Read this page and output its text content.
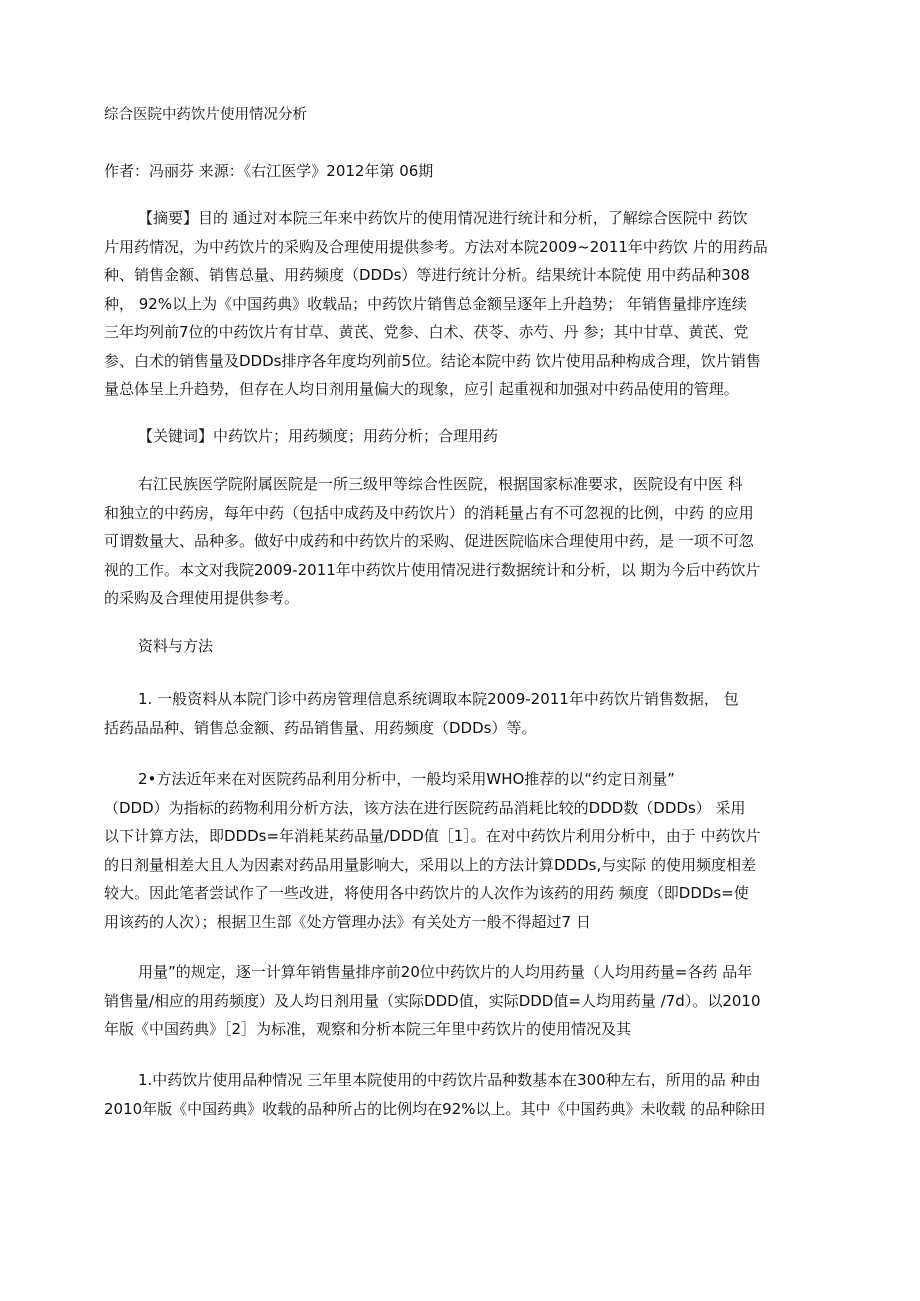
综合医院中药饮片使用情况分析
作者：冯丽芬 来源：《右江医学》2012年第 06期
【摘要】目的 通过对本院三年来中药饮片的使用情况进行统计和分析，了解综合医院中 药饮
片用药情况，为中药饮片的采购及合理使用提供参考。方法对本院2009~2011年中药饮 片的用药品
种、销售金额、销售总量、用药频度（DDDs）等进行统计分析。结果统计本院使 用中药品种308
种， 92%以上为《中国药典》收载品；中药饮片销售总金额呈逐年上升趋势； 年销售量排序连续
三年均列前7位的中药饮片有甘草、黄芪、党参、白术、茯苓、赤芍、丹 参；其中甘草、黄芪、党
参、白术的销售量及DDDs排序各年度均列前5位。结论本院中药 饮片使用品种构成合理，饮片销售
量总体呈上升趋势，但存在人均日剂用量偏大的现象，应引 起重视和加强对中药品使用的管理。
【关键词】中药饮片；用药频度；用药分析；合理用药
右江民族医学院附属医院是一所三级甲等综合性医院，根据国家标准要求，医院设有中医 科
和独立的中药房，每年中药（包括中成药及中药饮片）的消耗量占有不可忽视的比例，中药 的应用
可谓数量大、品种多。做好中成药和中药饮片的采购、促进医院临床合理使用中药，是 一项不可忽
视的工作。本文对我院2009-2011年中药饮片使用情况进行数据统计和分析，以 期为今后中药饮片
的采购及合理使用提供参考。
资料与方法
1. 一般资料从本院门诊中药房管理信息系统调取本院2009-2011年中药饮片销售数据， 包
括药品品种、销售总金额、药品销售量、用药频度（DDDs）等。
2•方法近年来在对医院药品利用分析中，一般均采用WHO推荐的以“约定日剂量”
（DDD）为指标的药物利用分析方法，该方法在进行医院药品消耗比较的DDD数（DDDs） 采用
以下计算方法，即DDDs=年消耗某药品量/DDD值［1］。在对中药饮片利用分析中，由于 中药饮片
的日剂量相差大且人为因素对药品用量影响大，采用以上的方法计算DDDs,与实际 的使用频度相差
较大。因此笔者尝试作了一些改进，将使用各中药饮片的人次作为该药的用药 频度（即DDDs=使
用该药的人次）；根据卫生部《处方管理办法》有关处方一般不得超过7 日
用量”的规定，逐一计算年销售量排序前20位中药饮片的人均用药量（人均用药量=各药 品年
销售量/相应的用药频度）及人均日剂用量（实际DDD值，实际DDD值=人均用药量 /7d）。以2010
年版《中国药典》［2］为标准，观察和分析本院三年里中药饮片的使用情况及其
1.中药饮片使用品种情况 三年里本院使用的中药饮片品种数基本在300种左右，所用的品 种由
2010年版《中国药典》收载的品种所占的比例均在92%以上。其中《中国药典》未收载 的品种除田
